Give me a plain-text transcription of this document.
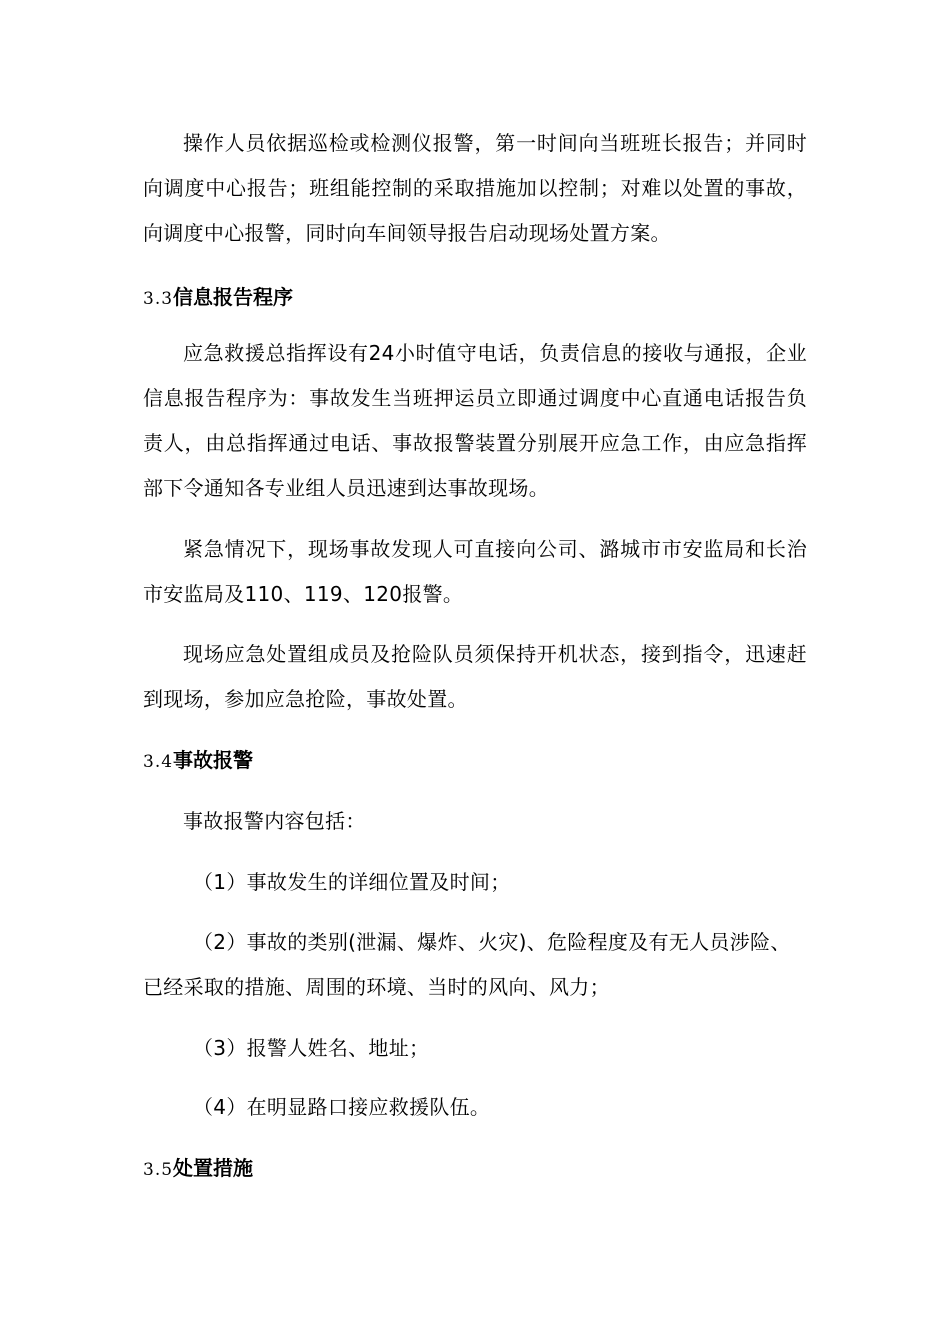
操作人员依据巡检或检测仪报警，第一时间向当班班长报告；并同时向调度中心报告；班组能控制的采取措施加以控制；对难以处置的事故，向调度中心报警，同时向车间领导报告启动现场处置方案。
3.3信息报告程序
应急救援总指挥设有24小时值守电话，负责信息的接收与通报，企业信息报告程序为：事故发生当班押运员立即通过调度中心直通电话报告负责人，由总指挥通过电话、事故报警装置分别展开应急工作，由应急指挥部下令通知各专业组人员迅速到达事故现场。
紧急情况下，现场事故发现人可直接向公司、潞城市市安监局和长治市安监局及110、119、120报警。
现场应急处置组成员及抢险队员须保持开机状态，接到指令，迅速赶到现场，参加应急抢险，事故处置。
3.4事故报警
事故报警内容包括：
（1）事故发生的详细位置及时间；
（2）事故的类别(泄漏、爆炸、火灾)、危险程度及有无人员涉险、已经采取的措施、周围的环境、当时的风向、风力；
（3）报警人姓名、地址；
（4）在明显路口接应救援队伍。
3.5处置措施
